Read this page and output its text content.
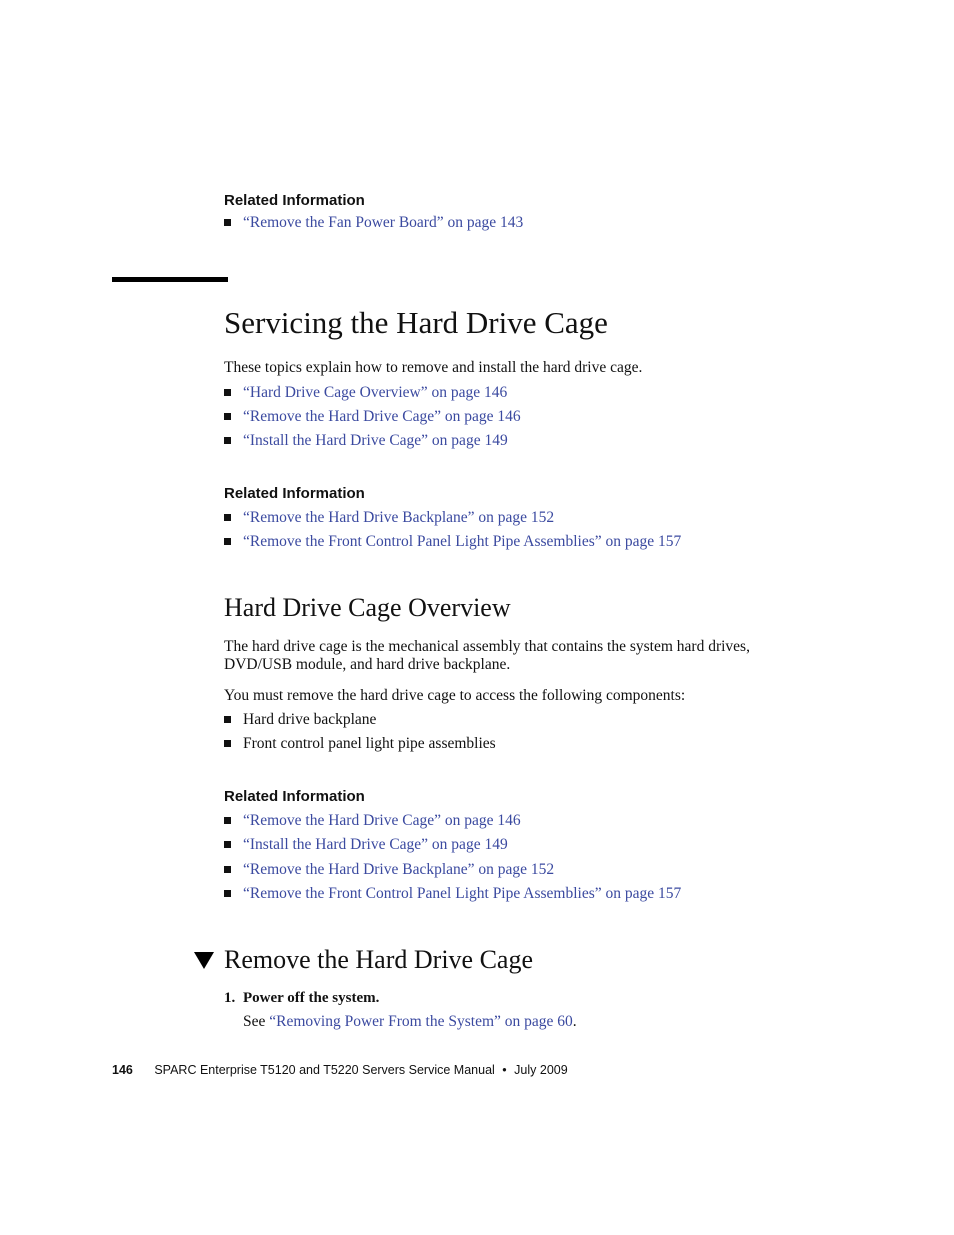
Related Information
“Remove the Fan Power Board” on page 143
Servicing the Hard Drive Cage
These topics explain how to remove and install the hard drive cage.
“Hard Drive Cage Overview” on page 146
“Remove the Hard Drive Cage” on page 146
“Install the Hard Drive Cage” on page 149
Related Information
“Remove the Hard Drive Backplane” on page 152
“Remove the Front Control Panel Light Pipe Assemblies” on page 157
Hard Drive Cage Overview
The hard drive cage is the mechanical assembly that contains the system hard drives,
DVD/USB module, and hard drive backplane.
You must remove the hard drive cage to access the following components:
Hard drive backplane
Front control panel light pipe assemblies
Related Information
“Remove the Hard Drive Cage” on page 146
“Install the Hard Drive Cage” on page 149
“Remove the Hard Drive Backplane” on page 152
“Remove the Front Control Panel Light Pipe Assemblies” on page 157
Remove the Hard Drive Cage
1. Power off the system.
See “Removing Power From the System” on page 60.
146 SPARC Enterprise T5120 and T5220 Servers Service Manual • July 2009
